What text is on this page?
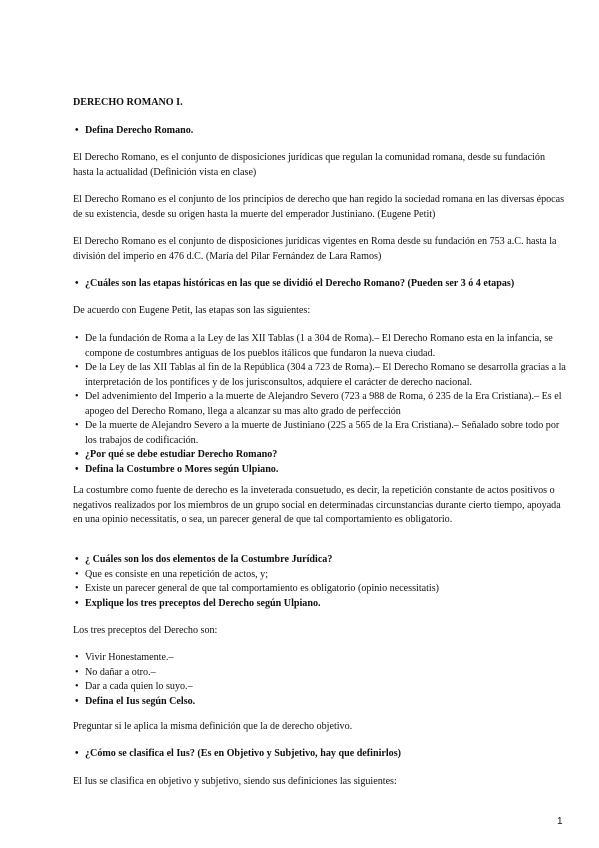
DERECHO ROMANO I.
• Defina Derecho Romano.

El Derecho Romano, es el conjunto de disposiciones jurídicas que regulan la comunidad romana, desde su fundación hasta la actualidad (Definición vista en clase)

El Derecho Romano es el conjunto de los principios de derecho que han regido la sociedad romana en las diversas épocas de su existencia, desde su origen hasta la muerte del emperador Justiniano. (Eugene Petit)

El Derecho Romano es el conjunto de disposiciones jurídicas vigentes en Roma desde su fundación en 753 a.C. hasta la división del imperio en 476 d.C. (María del Pilar Fernández de Lara Ramos)

• ¿Cuáles son las etapas históricas en las que se dividió el Derecho Romano? (Pueden ser 3 ó 4 etapas)

De acuerdo con Eugene Petit, las etapas son las siguientes:

• De la fundación de Roma a la Ley de las XII Tablas (1 a 304 de Roma).– El Derecho Romano esta en la infancia, se compone de costumbres antiguas de los pueblos itálicos que fundaron la nueva ciudad.
• De la Ley de las XII Tablas al fin de la República (304 a 723 de Roma).– El Derecho Romano se desarrolla gracias a la interpretación de los pontífices y de los jurisconsultos, adquiere el carácter de derecho nacional.
• Del advenimiento del Imperio a la muerte de Alejandro Severo (723 a 988 de Roma, ó 235 de la Era Cristiana).– Es el apogeo del Derecho Romano, llega a alcanzar su mas alto grado de perfección
• De la muerte de Alejandro Severo a la muerte de Justiniano (225 a 565 de la Era Cristiana).– Señalado sobre todo por los trabajos de codificación.
• ¿Por qué se debe estudiar Derecho Romano?
• Defina la Costumbre o Mores según Ulpiano.

La costumbre como fuente de derecho es la inveterada consuetudo, es decir, la repetición constante de actos positivos o negativos realizados por los miembros de un grupo social en determinadas circunstancias durante cierto tiempo, apoyada en una opinio necessitatis, o sea, un parecer general de que tal comportamiento es obligatorio.

• ¿ Cuáles son los dos elementos de la Costumbre Jurídica?
• Que es consiste en una repetición de actos, y;
• Existe un parecer general de que tal comportamiento es obligatorio (opinio necessitatis)
• Explique los tres preceptos del Derecho según Ulpiano.

Los tres preceptos del Derecho son:

• Vivir Honestamente.–
• No dañar a otro.–
• Dar a cada quien lo suyo.–
• Defina el Ius según Celso.

Preguntar si le aplica la misma definición que la de derecho objetivo.

• ¿Cómo se clasifica el Ius? (Es en Objetivo y Subjetivo, hay que definirlos)

El Ius se clasifica en objetivo y subjetivo, siendo sus definiciones las siguientes:

1
